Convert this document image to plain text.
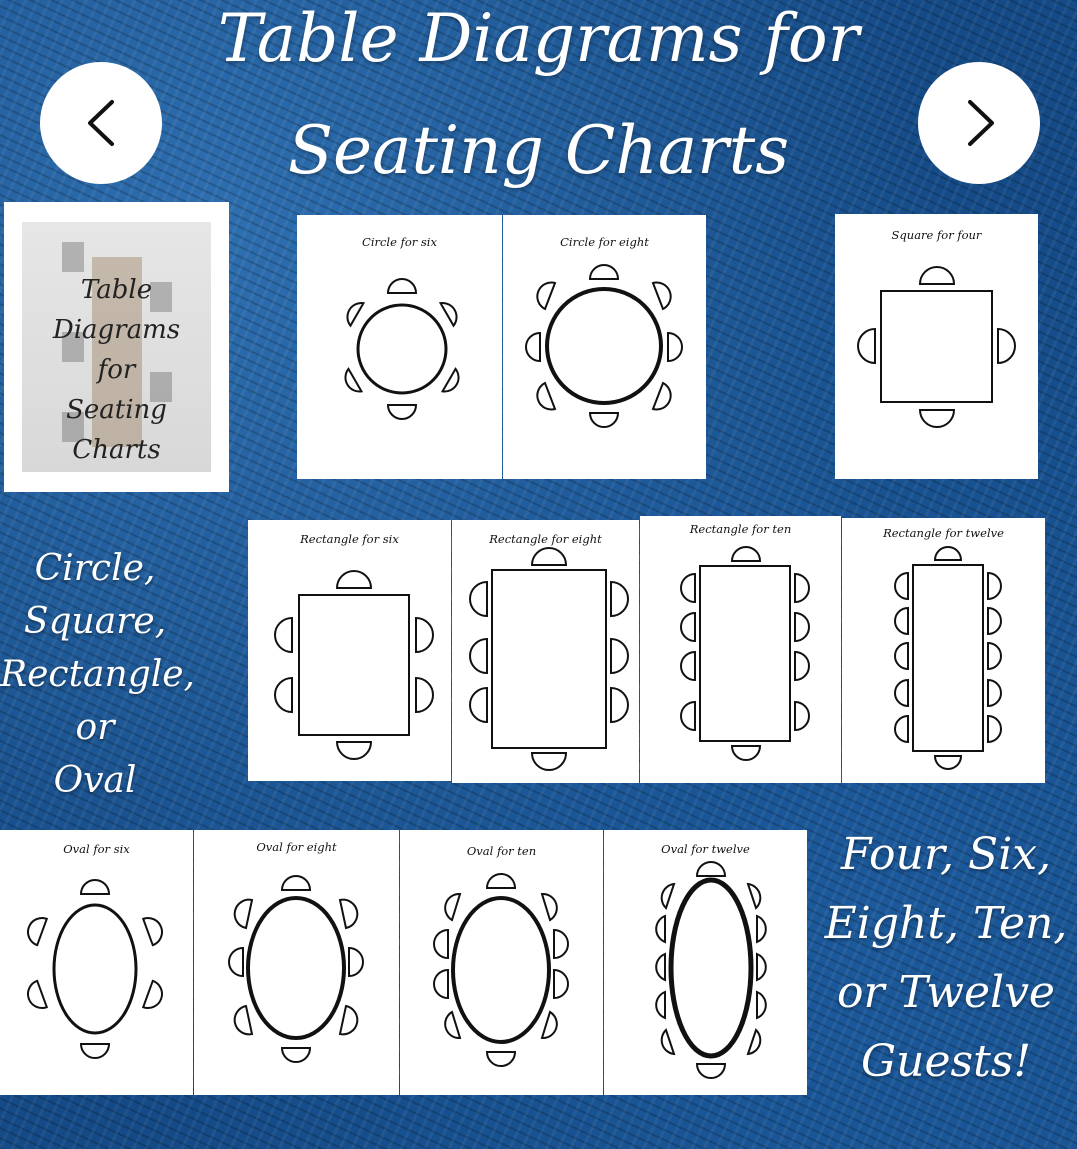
Table Diagrams for
Seating Charts
Table
Diagrams
for
Seating
Charts
Circle for six	Circle for eight	Square for four
Rectangle for six	Rectangle for eight
Rectangle for ten	Rectangle for twelve
Oval for six	Oval for eight	Oval for ten	Oval for twelve
Circle,
Square,
Rectangle,
or
Oval
Four, Six,
Eight, Ten,
or Twelve
Guests!
